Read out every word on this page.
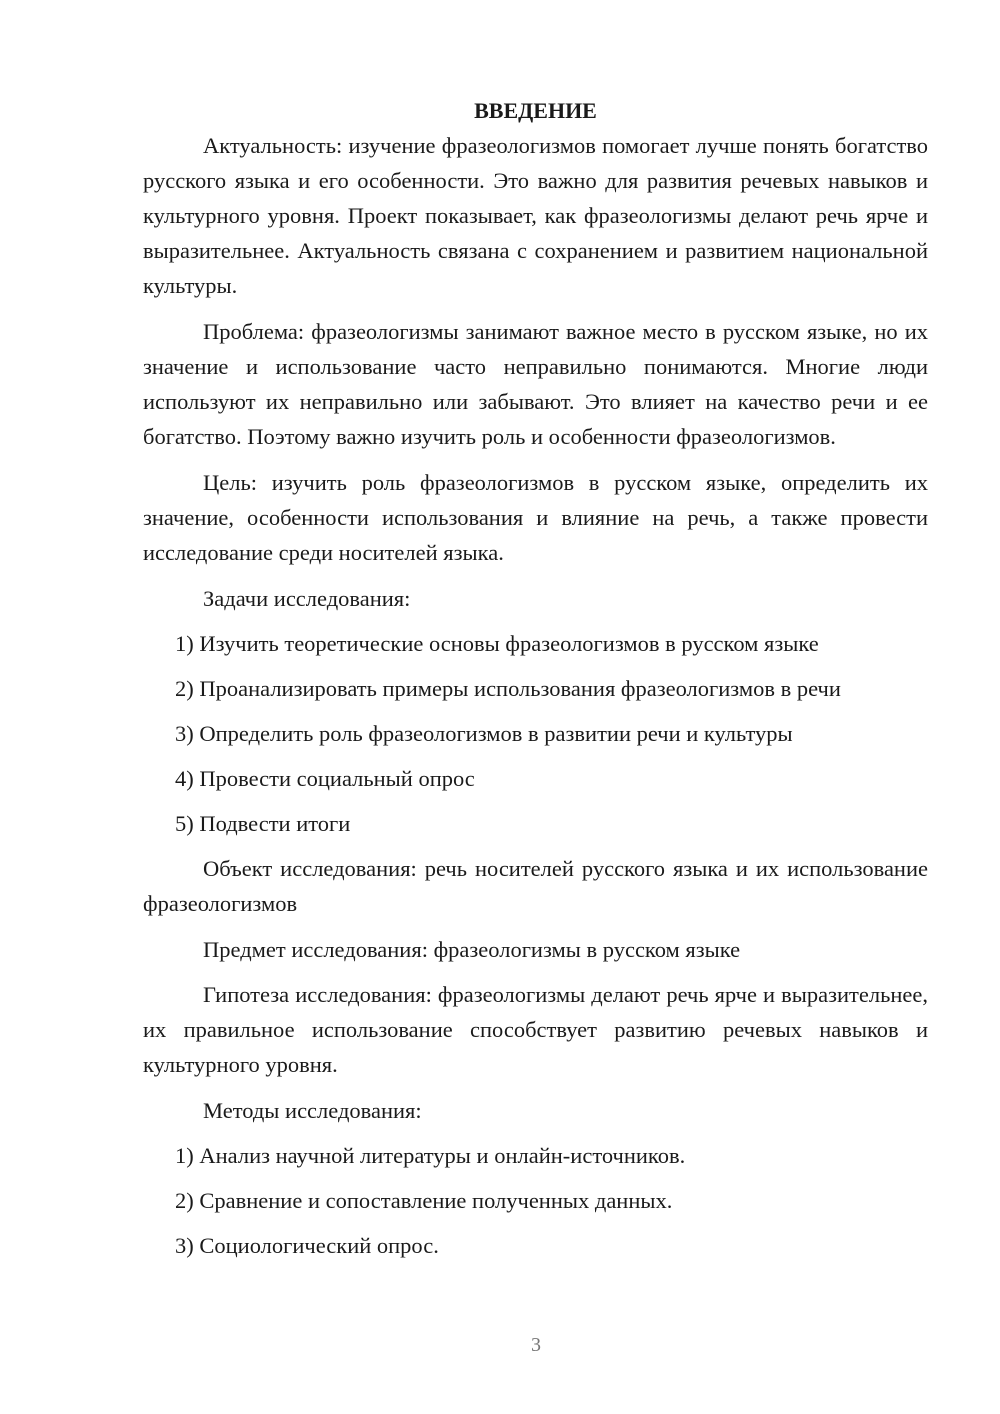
ВВЕДЕНИЕ

Актуальность: изучение фразеологизмов помогает лучше понять богатство русского языка и его особенности. Это важно для развития речевых навыков и культурного уровня. Проект показывает, как фразеологизмы делают речь ярче и выразительнее. Актуальность связана с сохранением и развитием национальной культуры.

Проблема: фразеологизмы занимают важное место в русском языке, но их значение и использование часто неправильно понимаются. Многие люди используют их неправильно или забывают. Это влияет на качество речи и ее богатство. Поэтому важно изучить роль и особенности фразеологизмов.

Цель: изучить роль фразеологизмов в русском языке, определить их значение, особенности использования и влияние на речь, а также провести исследование среди носителей языка.

Задачи исследования:

1) Изучить теоретические основы фразеологизмов в русском языке

2) Проанализировать примеры использования фразеологизмов в речи

3) Определить роль фразеологизмов в развитии речи и культуры

4) Провести социальный опрос

5) Подвести итоги

Объект исследования: речь носителей русского языка и их использование фразеологизмов

Предмет исследования: фразеологизмы в русском языке

Гипотеза исследования: фразеологизмы делают речь ярче и выразительнее, их правильное использование способствует развитию речевых навыков и культурного уровня.

Методы исследования:

1) Анализ научной литературы и онлайн-источников.

2) Сравнение и сопоставление полученных данных.

3) Социологический опрос.

3
